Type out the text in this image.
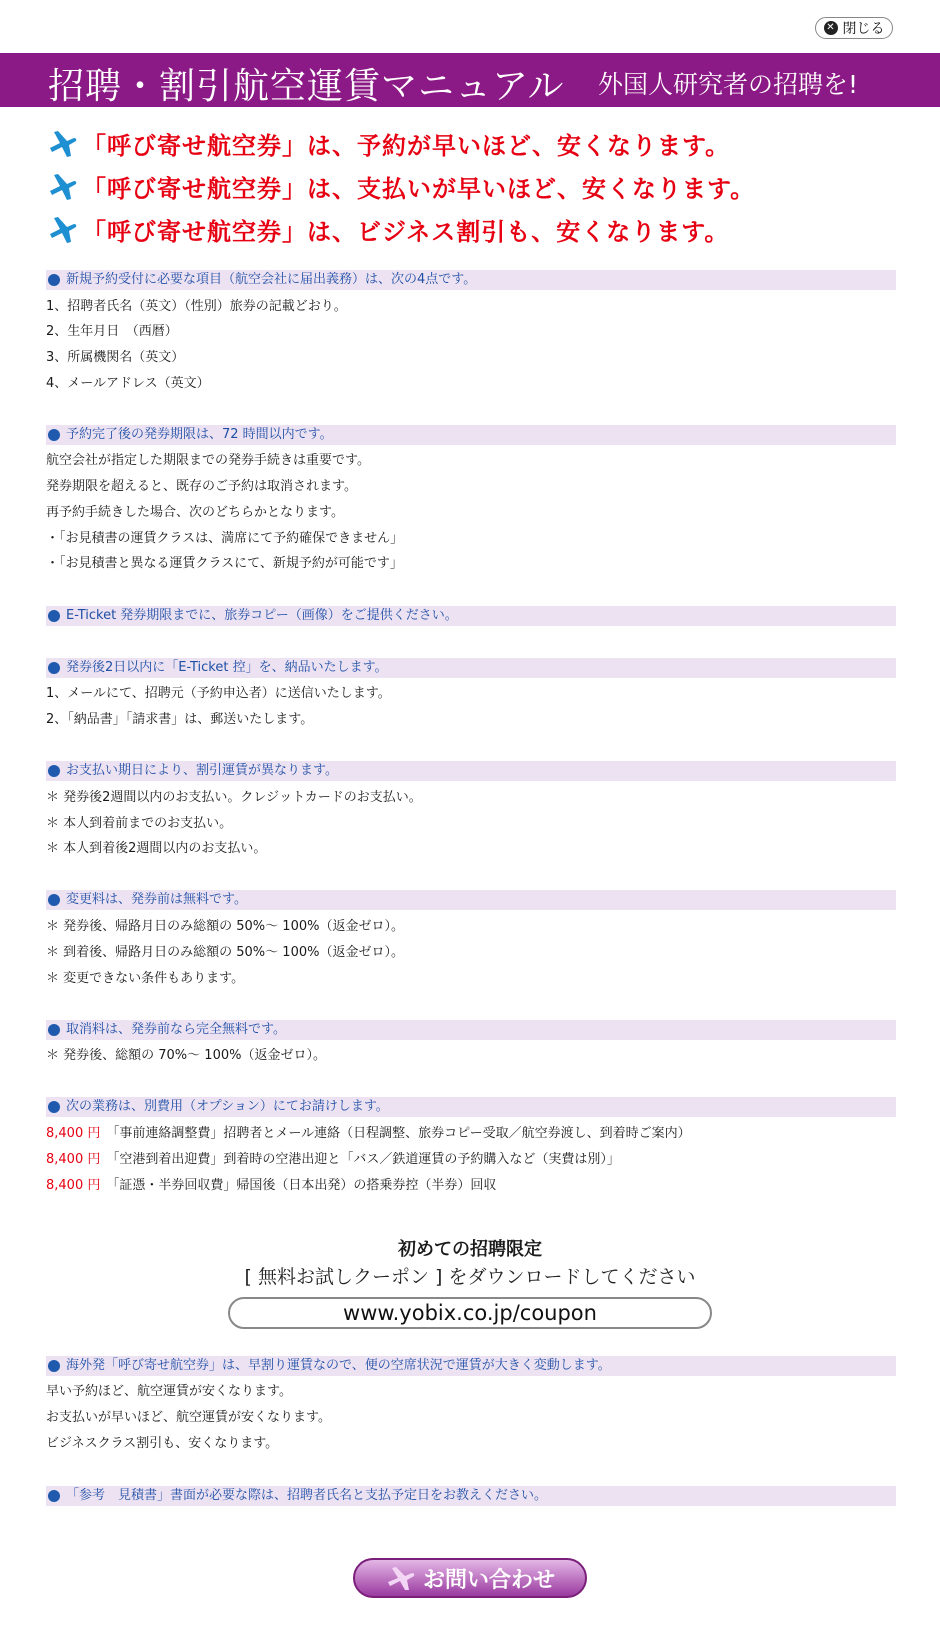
✕ 閉じる
招聘・割引航空運賃マニュアル 外国人研究者の招聘を!
「呼び寄せ航空券」は、予約が早いほど、安くなります。
「呼び寄せ航空券」は、支払いが早いほど、安くなります。
「呼び寄せ航空券」は、ビジネス割引も、安くなります。
新規予約受付に必要な項目（航空会社に届出義務）は、次の4点です。
1、招聘者氏名（英文）（性別）旅券の記載どおり。
2、生年月日　（西暦）
3、所属機関名（英文）
4、メールアドレス（英文）
予約完了後の発券期限は、72 時間以内です。
航空会社が指定した期限までの発券手続きは重要です。
発券期限を超えると、既存のご予約は取消されます。
再予約手続きした場合、次のどちらかとなります。
・「お見積書の運賃クラスは、満席にて予約確保できません」
・「お見積書と異なる運賃クラスにて、新規予約が可能です」
E-Ticket 発券期限までに、旅券コピー（画像）をご提供ください。
発券後2日以内に「E-Ticket 控」を、納品いたします。
1、メールにて、招聘元（予約申込者）に送信いたします。
2、「納品書」「請求書」は、郵送いたします。
お支払い期日により、割引運賃が異なります。
＊ 発券後2週間以内のお支払い。クレジットカードのお支払い。
＊ 本人到着前までのお支払い。
＊ 本人到着後2週間以内のお支払い。
変更料は、発券前は無料です。
＊ 発券後、帰路月日のみ総額の 50%～ 100%（返金ゼロ）。
＊ 到着後、帰路月日のみ総額の 50%～ 100%（返金ゼロ）。
＊ 変更できない条件もあります。
取消料は、発券前なら完全無料です。
＊ 発券後、総額の 70%～ 100%（返金ゼロ）。
次の業務は、別費用（オプション）にてお請けします。
8,400 円 「事前連絡調整費」招聘者とメール連絡（日程調整、旅券コピー受取／航空券渡し、到着時ご案内）
8,400 円 「空港到着出迎費」到着時の空港出迎と「バス／鉄道運賃の予約購入など（実費は別）」
8,400 円 「証憑・半券回収費」帰国後（日本出発）の搭乗券控（半券）回収
初めての招聘限定
[ 無料お試しクーポン ] をダウンロードしてください
www.yobix.co.jp/coupon
海外発「呼び寄せ航空券」は、早割り運賃なので、便の空席状況で運賃が大きく変動します。
早い予約ほど、航空運賃が安くなります。
お支払いが早いほど、航空運賃が安くなります。
ビジネスクラス割引も、安くなります。
「参考　見積書」書面が必要な際は、招聘者氏名と支払予定日をお教えください。
お問い合わせ
